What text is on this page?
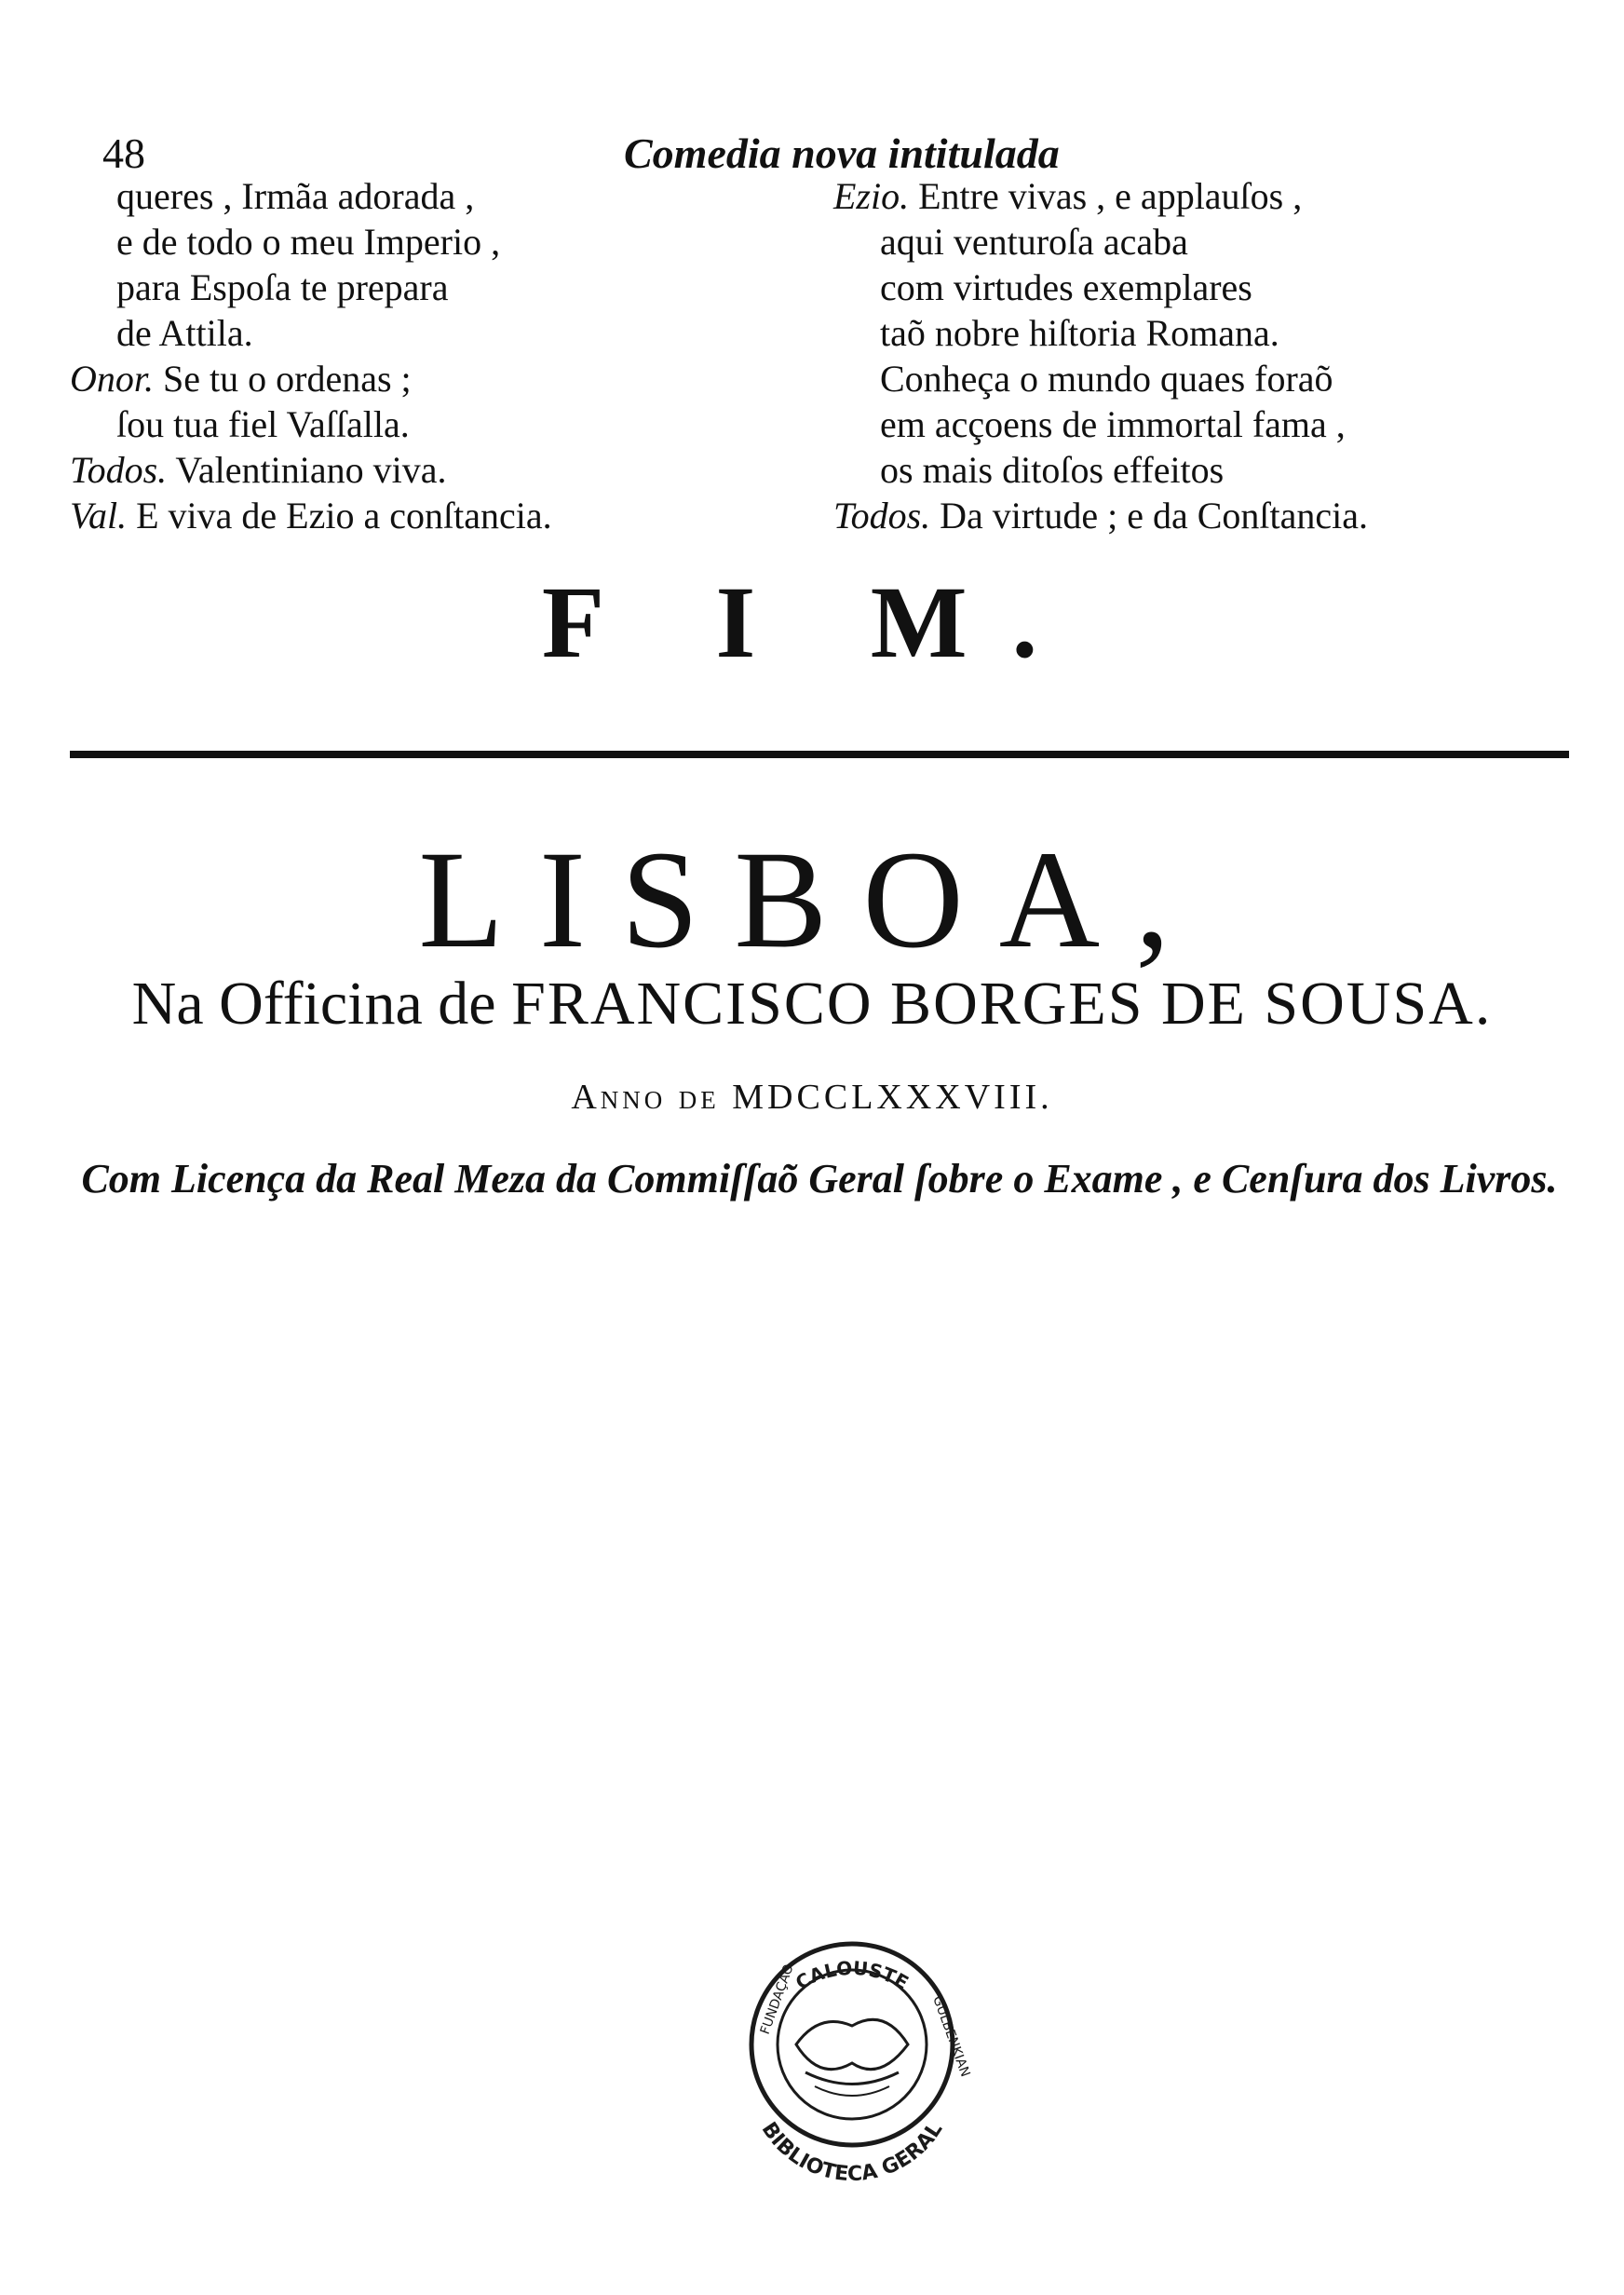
48	Comedia nova intitulada
queres , Irmãa adorada ,
e de todo o meu Imperio ,
para Espoſa te prepara
de Attila.
Onor. Se tu o ordenas ;
ſou tua fiel Vaſſalla.
Todos. Valentiniano viva.
Val. E viva de Ezio a conſtancia.
Ezio. Entre vivas , e applauſos ,
aqui venturoſa acaba
com virtudes exemplares
taõ nobre hiſtoria Romana.
Conheça o mundo quaes foraõ
em acçoens de immortal fama ,
os mais ditoſos effeitos
Todos. Da virtude ; e da Conſtancia.
F I M.
LISBOA,
Na Officina de FRANCISCO BORGES DE SOUSA.
Anno de MDCCLXXXVIII.
Com Licença da Real Meza da Commiſſaõ Geral ſobre o Exame , e Cenſura dos Livros.
CALOUSTE
FUNDAÇÃO	GULBENKIAN
BIBLIOTECA GERAL
